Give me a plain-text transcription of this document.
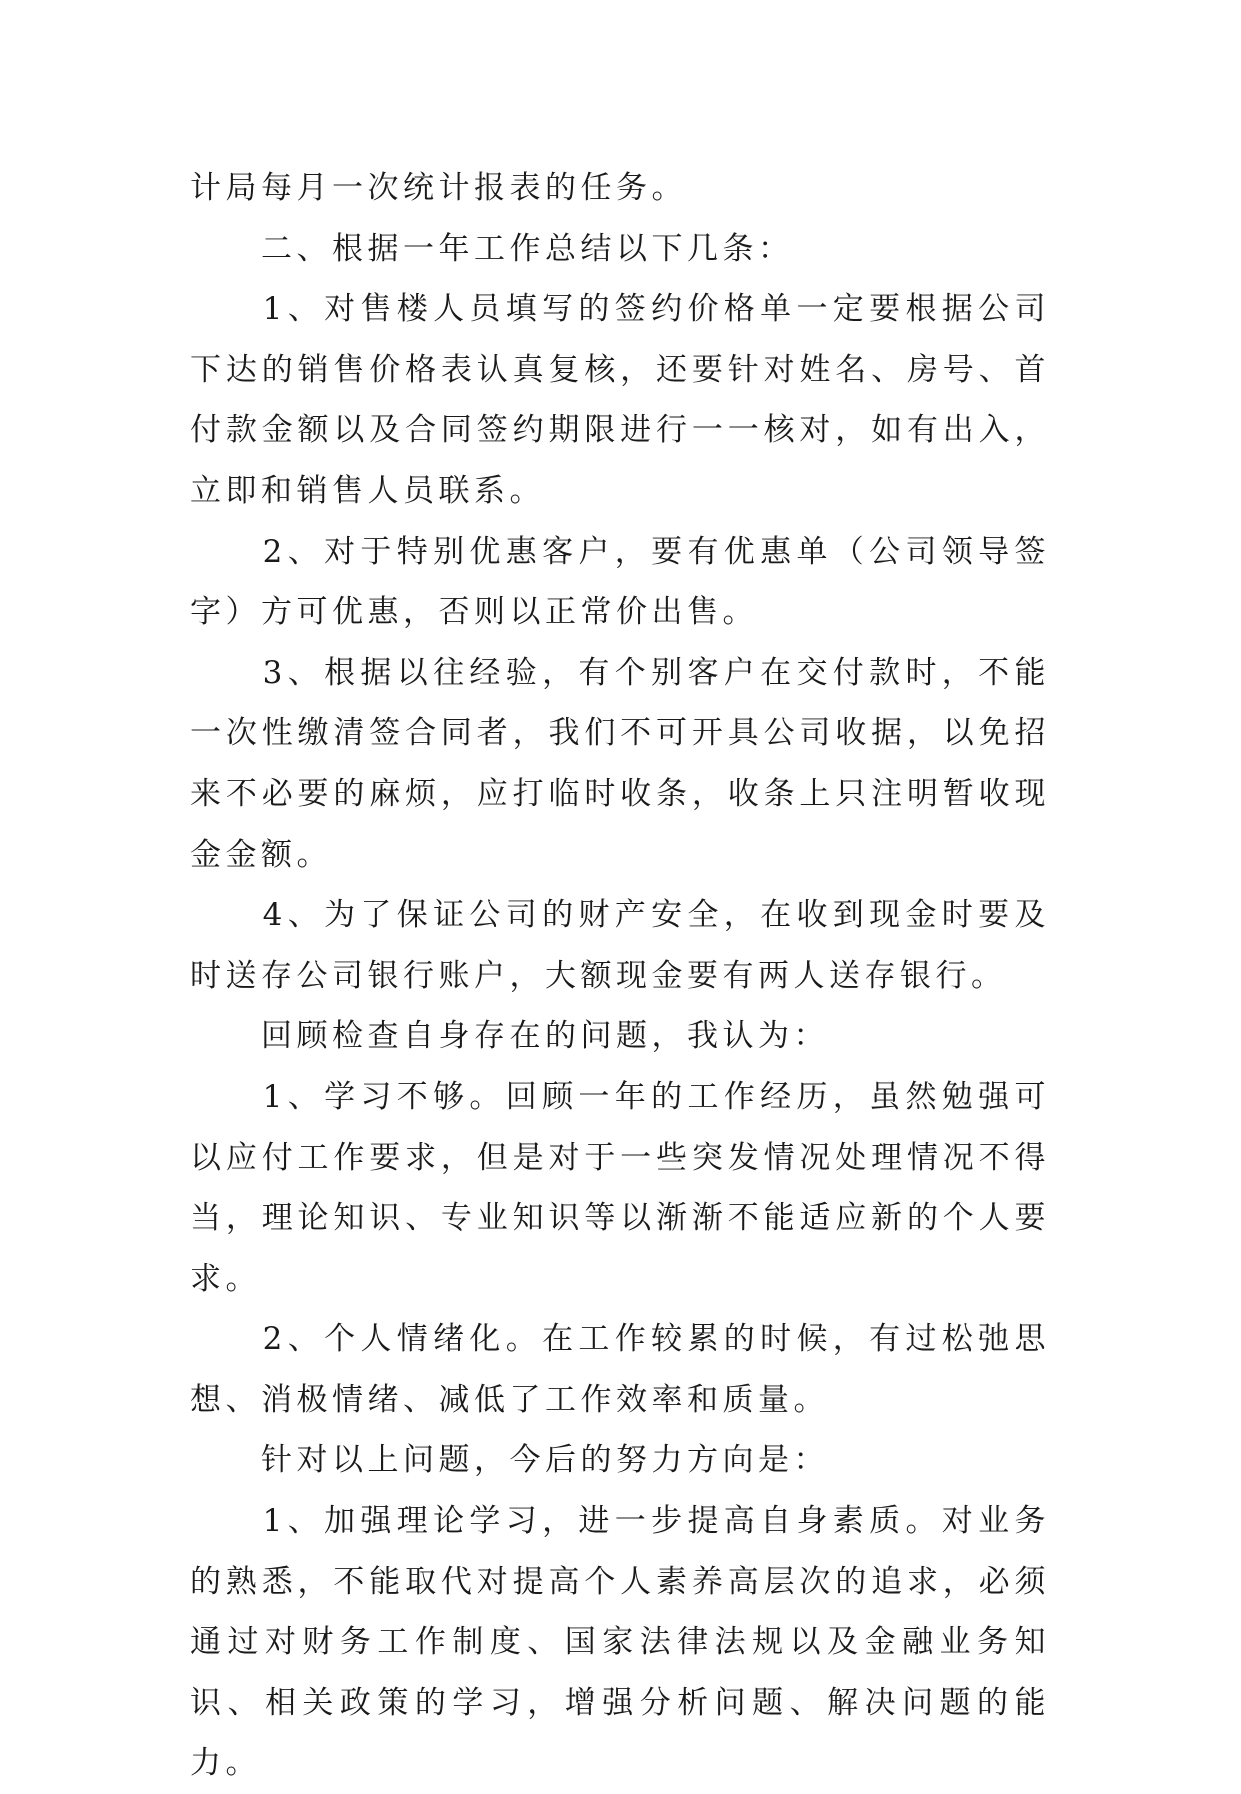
计局每月一次统计报表的任务。

　　二、根据一年工作总结以下几条：

　　1、对售楼人员填写的签约价格单一定要根据公司下达的销售价格表认真复核，还要针对姓名、房号、首付款金额以及合同签约期限进行一一核对，如有出入，立即和销售人员联系。

　　2、对于特别优惠客户，要有优惠单（公司领导签字）方可优惠，否则以正常价出售。

　　3、根据以往经验，有个别客户在交付款时，不能一次性缴清签合同者，我们不可开具公司收据，以免招来不必要的麻烦，应打临时收条，收条上只注明暂收现金金额。

　　4、为了保证公司的财产安全，在收到现金时要及时送存公司银行账户，大额现金要有两人送存银行。

　　回顾检查自身存在的问题，我认为：

　　1、学习不够。回顾一年的工作经历，虽然勉强可以应付工作要求，但是对于一些突发情况处理情况不得当，理论知识、专业知识等以渐渐不能适应新的个人要求。

　　2、个人情绪化。在工作较累的时候，有过松弛思想、消极情绪、减低了工作效率和质量。

　　针对以上问题，今后的努力方向是：

　　1、加强理论学习，进一步提高自身素质。对业务的熟悉，不能取代对提高个人素养高层次的追求，必须通过对财务工作制度、国家法律法规以及金融业务知识、相关政策的学习，增强分析问题、解决问题的能力。
